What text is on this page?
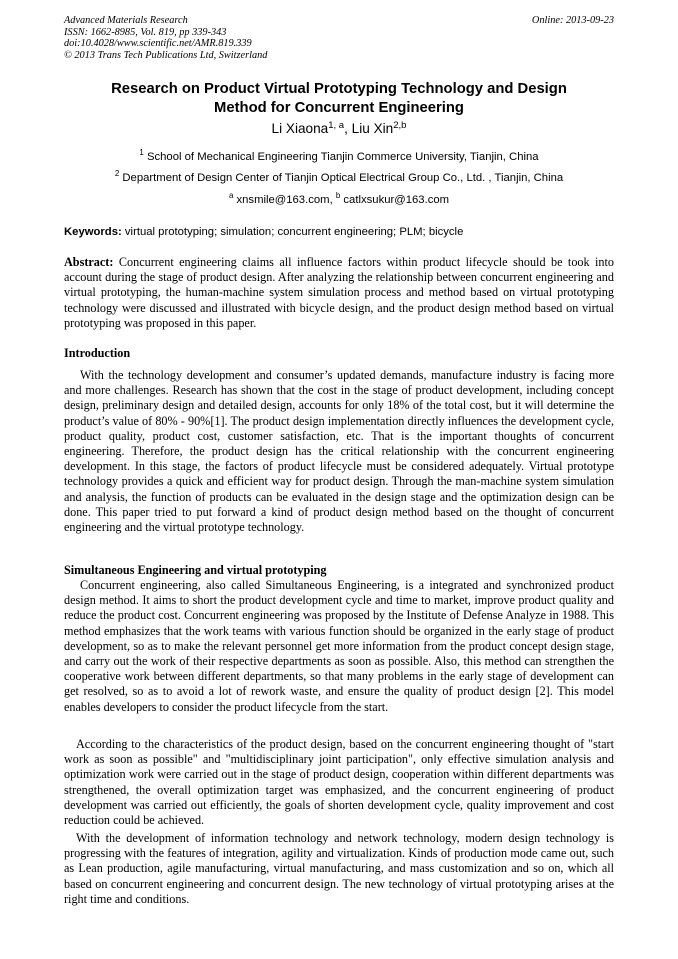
Advanced Materials Research
ISSN: 1662-8985, Vol. 819, pp 339-343
doi:10.4028/www.scientific.net/AMR.819.339
© 2013 Trans Tech Publications Ltd, Switzerland
Online: 2013-09-23
Research on Product Virtual Prototyping Technology and Design
Method for Concurrent Engineering
Li Xiaona$^{1, a}$, Liu Xin$^{2,b}$
$^1$ School of Mechanical Engineering Tianjin Commerce University, Tianjin, China
$^2$ Department of Design Center of Tianjin Optical Electrical Group Co., Ltd. , Tianjin, China
$^a$ xnsmile@163.com, $^b$ catlxsukur@163.com
Keywords: virtual prototyping; simulation; concurrent engineering; PLM; bicycle
Abstract: Concurrent engineering claims all influence factors within product lifecycle should be took into account during the stage of product design. After analyzing the relationship between concurrent engineering and virtual prototyping, the human-machine system simulation process and method based on virtual prototyping technology were discussed and illustrated with bicycle design, and the product design method based on virtual prototyping was proposed in this paper.
Introduction
With the technology development and consumer’s updated demands, manufacture industry is facing more and more challenges. Research has shown that the cost in the stage of product development, including concept design, preliminary design and detailed design, accounts for only 18% of the total cost, but it will determine the product’s value of 80% - 90%[1]. The product design implementation directly influences the development cycle, product quality, product cost, customer satisfaction, etc. That is the important thoughts of concurrent engineering. Therefore, the product design has the critical relationship with the concurrent engineering development. In this stage, the factors of product lifecycle must be considered adequately. Virtual prototype technology provides a quick and efficient way for product design. Through the man-machine system simulation and analysis, the function of products can be evaluated in the design stage and the optimization design can be done. This paper tried to put forward a kind of product design method based on the thought of concurrent engineering and the virtual prototype technology.
Simultaneous Engineering and virtual prototyping
Concurrent engineering, also called Simultaneous Engineering, is a integrated and synchronized product design method. It aims to short the product development cycle and time to market, improve product quality and reduce the product cost. Concurrent engineering was proposed by the Institute of Defense Analyze in 1988. This method emphasizes that the work teams with various function should be organized in the early stage of product development, so as to make the relevant personnel get more information from the product concept design stage, and carry out the work of their respective departments as soon as possible. Also, this method can strengthen the cooperative work between different departments, so that many problems in the early stage of development can get resolved, so as to avoid a lot of rework waste, and ensure the quality of product design [2]. This model enables developers to consider the product lifecycle from the start.
According to the characteristics of the product design, based on the concurrent engineering thought of "start work as soon as possible" and "multidisciplinary joint participation", only effective simulation analysis and optimization work were carried out in the stage of product design, cooperation within different departments was strengthened, the overall optimization target was emphasized, and the concurrent engineering of product development was carried out efficiently, the goals of shorten development cycle, quality improvement and cost reduction could be achieved.
With the development of information technology and network technology, modern design technology is progressing with the features of integration, agility and virtualization. Kinds of production mode came out, such as Lean production, agile manufacturing, virtual manufacturing, and mass customization and so on, which all based on concurrent engineering and concurrent design. The new technology of virtual prototyping arises at the right time and conditions.
